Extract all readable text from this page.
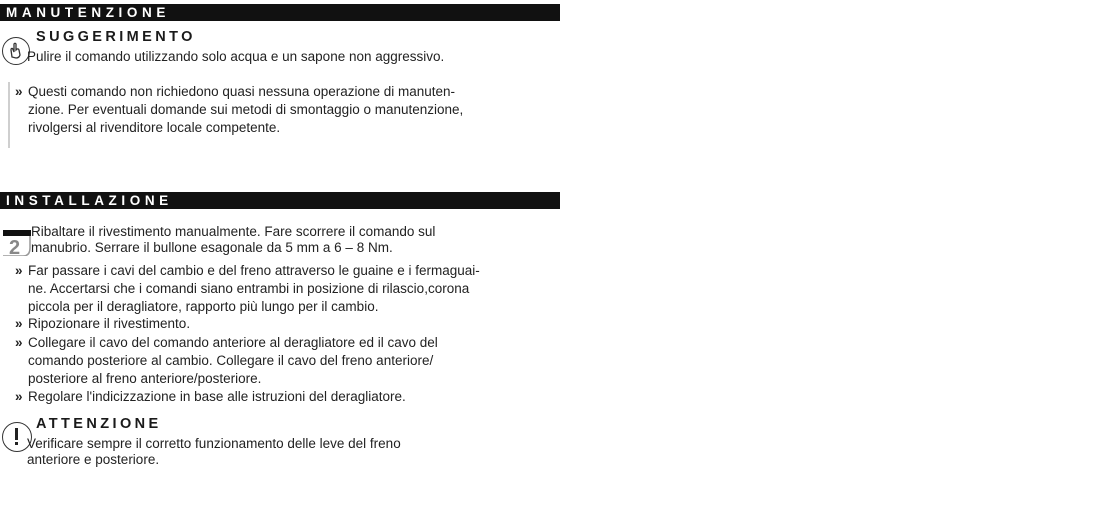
MANUTENZIONE
SUGGERIMENTO
Pulire il comando utilizzando solo acqua e un sapone non aggressivo.
» Questi comando non richiedono quasi nessuna operazione di manuten-
zione. Per eventuali domande sui metodi di smontaggio o manutenzione,
rivolgersi al rivenditore locale competente.
INSTALLAZIONE
2
Ribaltare il rivestimento manualmente. Fare scorrere il comando sul
manubrio. Serrare il bullone esagonale da 5 mm a 6 – 8 Nm.
» Far passare i cavi del cambio e del freno attraverso le guaine e i fermaguai-
ne. Accertarsi che i comandi siano entrambi in posizione di rilascio,corona
piccola per il deragliatore, rapporto più lungo per il cambio.
» Ripozionare il rivestimento.
» Collegare il cavo del comando anteriore al deragliatore ed il cavo del
comando posteriore al cambio. Collegare il cavo del freno anteriore/
posteriore al freno anteriore/posteriore.
» Regolare l'indicizzazione in base alle istruzioni del deragliatore.
ATTENZIONE
Verificare sempre il corretto funzionamento delle leve del freno
anteriore e posteriore.
